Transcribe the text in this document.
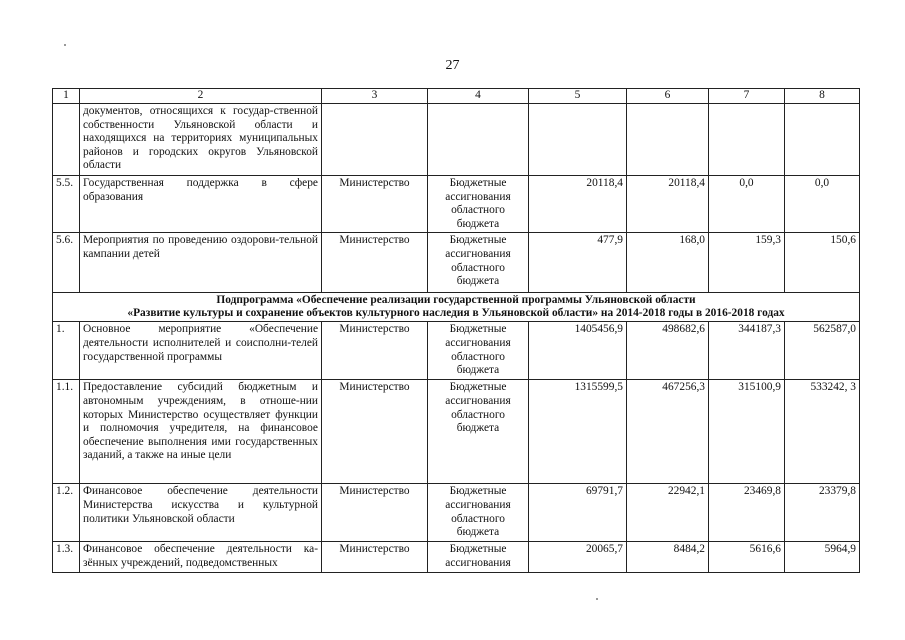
27
1	2	3	4	5	6	7	8
	документов, относящихся к государ-ственной собственности Ульяновской области и находящихся на территориях муниципальных районов и городских округов Ульяновской области						
5.5.	Государственная поддержка в сфере образования	Министерство	Бюджетные ассигнования областного бюджета	20118,4	20118,4	0,0	0,0
5.6.	Мероприятия по проведению оздорови-тельной кампании детей	Министерство	Бюджетные ассигнования областного бюджета	477,9	168,0	159,3	150,6

Подпрограмма «Обеспечение реализации государственной программы Ульяновской области
«Развитие культуры и сохранение объектов культурного наследия в Ульяновской области» на 2014-2018 годы в 2016-2018 годах							

1.	Основное мероприятие «Обеспечение деятельности исполнителей и соисполни-телей государственной программы	Министерство	Бюджетные ассигнования областного бюджета	1405456,9	498682,6	344187,3	562587,0
1.1.	Предоставление субсидий бюджетным и автономным учреждениям, в отноше-нии которых Министерство осуществляет функции и полномочия учредителя, на финансовое обеспечение выполнения ими государственных заданий, а также на иные цели	Министерство	Бюджетные ассигнования областного бюджета	1315599,5	467256,3	315100,9	533242, 3
1.2.	Финансовое обеспечение деятельности Министерства искусства и культурной политики Ульяновской области	Министерство	Бюджетные ассигнования областного бюджета	69791,7	22942,1	23469,8	23379,8
1.3.	Финансовое обеспечение деятельности ка-зённых учреждений, подведомственных	Министерство	Бюджетные ассигнования	20065,7	8484,2	5616,6	5964,9
